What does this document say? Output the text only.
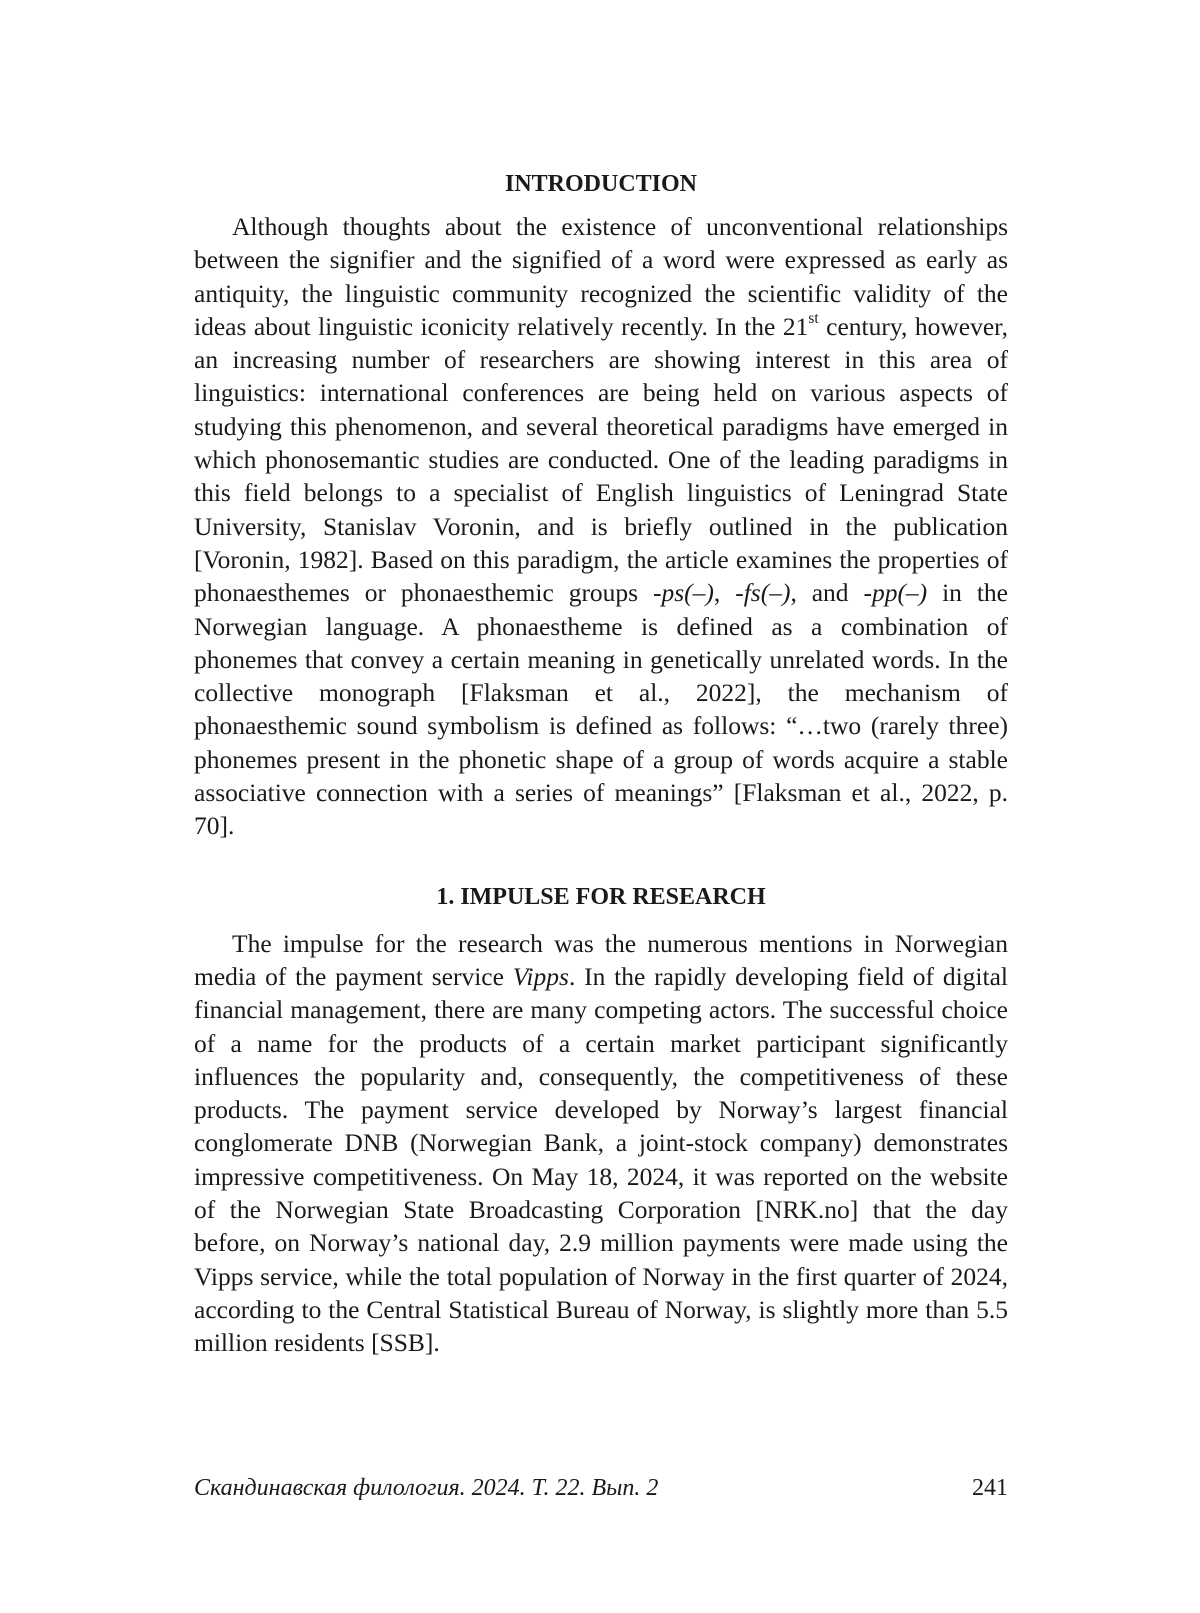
INTRODUCTION

Although thoughts about the existence of unconventional relationships between the signifier and the signified of a word were expressed as early as antiquity, the linguistic community recognized the scientific validity of the ideas about linguistic iconicity relatively recently. In the 21st century, however, an increasing number of researchers are showing interest in this area of linguistics: international conferences are being held on various aspects of studying this phenomenon, and several theoretical paradigms have emerged in which phonosemantic studies are conducted. One of the leading paradigms in this field belongs to a specialist of English linguistics of Leningrad State University, Stanislav Voronin, and is briefly outlined in the publication [Voronin, 1982]. Based on this paradigm, the article examines the properties of phonaesthemes or phonaesthemic groups -ps(–), -fs(–), and -pp(–) in the Norwegian language. A phonaestheme is defined as a combination of phonemes that convey a certain meaning in genetically unrelated words. In the collective monograph [Flaksman et al., 2022], the mechanism of phonaesthemic sound symbolism is defined as follows: “…two (rarely three) phonemes present in the phonetic shape of a group of words acquire a stable associative connection with a series of meanings” [Flaksman et al., 2022, p. 70].

1. IMPULSE FOR RESEARCH

The impulse for the research was the numerous mentions in Norwegian media of the payment service Vipps. In the rapidly developing field of digital financial management, there are many competing actors. The successful choice of a name for the products of a certain market participant significantly influences the popularity and, consequently, the competitiveness of these products. The payment service developed by Norway’s largest financial conglomerate DNB (Norwegian Bank, a joint-stock company) demonstrates impressive competitiveness. On May 18, 2024, it was reported on the website of the Norwegian State Broadcasting Corporation [NRK.no] that the day before, on Norway’s national day, 2.9 million payments were made using the Vipps service, while the total population of Norway in the first quarter of 2024, according to the Central Statistical Bureau of Norway, is slightly more than 5.5 million residents [SSB].

Скандинавская филология. 2024. Т. 22. Вып. 2	241
